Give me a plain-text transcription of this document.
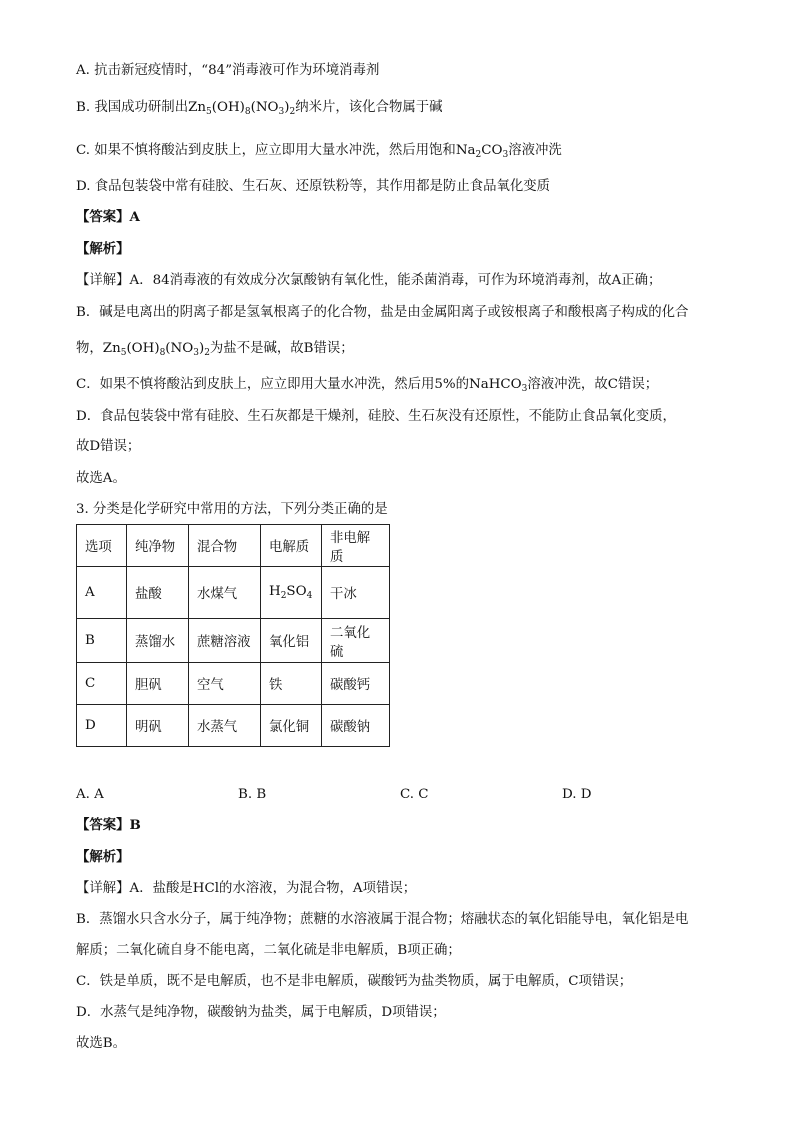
A. 抗击新冠疫情时，“84”消毒液可作为环境消毒剂
B. 我国成功研制出$Zn_5(OH)_8(NO_3)_2$纳米片，该化合物属于碱
C. 如果不慎将酸沾到皮肤上，应立即用大量水冲洗，然后用饱和$Na_2CO_3$溶液冲洗
D. 食品包装袋中常有硅胶、生石灰、还原铁粉等，其作用都是防止食品氧化变质
【答案】A
【解析】
【详解】A．84消毒液的有效成分次氯酸钠有氧化性，能杀菌消毒，可作为环境消毒剂，故A正确；
B．碱是电离出的阴离子都是氢氧根离子的化合物，盐是由金属阳离子或铵根离子和酸根离子构成的化合
物，$Zn_5(OH)_8(NO_3)_2$为盐不是碱，故B错误；
C．如果不慎将酸沾到皮肤上，应立即用大量水冲洗，然后用5%的NaHCO$_3$溶液冲洗，故C错误；
D．食品包装袋中常有硅胶、生石灰都是干燥剂，硅胶、生石灰没有还原性，不能防止食品氧化变质，
故D错误；
故选A。
3. 分类是化学研究中常用的方法，下列分类正确的是
选项	纯净物	混合物	电解质	非电解质
A	盐酸	水煤气	$H_2SO_4$	干冰
B	蒸馏水	蔗糖溶液	氧化铝	二氧化硫
C	胆矾	空气	铁	碳酸钙
D	明矾	水蒸气	氯化铜	碳酸钠
A. A	B. B	C. C	D. D
【答案】B
【解析】
【详解】A．盐酸是HCl的水溶液，为混合物，A项错误；
B．蒸馏水只含水分子，属于纯净物；蔗糖的水溶液属于混合物；熔融状态的氧化铝能导电，氧化铝是电
解质；二氧化硫自身不能电离，二氧化硫是非电解质，B项正确；
C．铁是单质，既不是电解质，也不是非电解质，碳酸钙为盐类物质，属于电解质，C项错误；
D．水蒸气是纯净物，碳酸钠为盐类，属于电解质，D项错误；
故选B。
